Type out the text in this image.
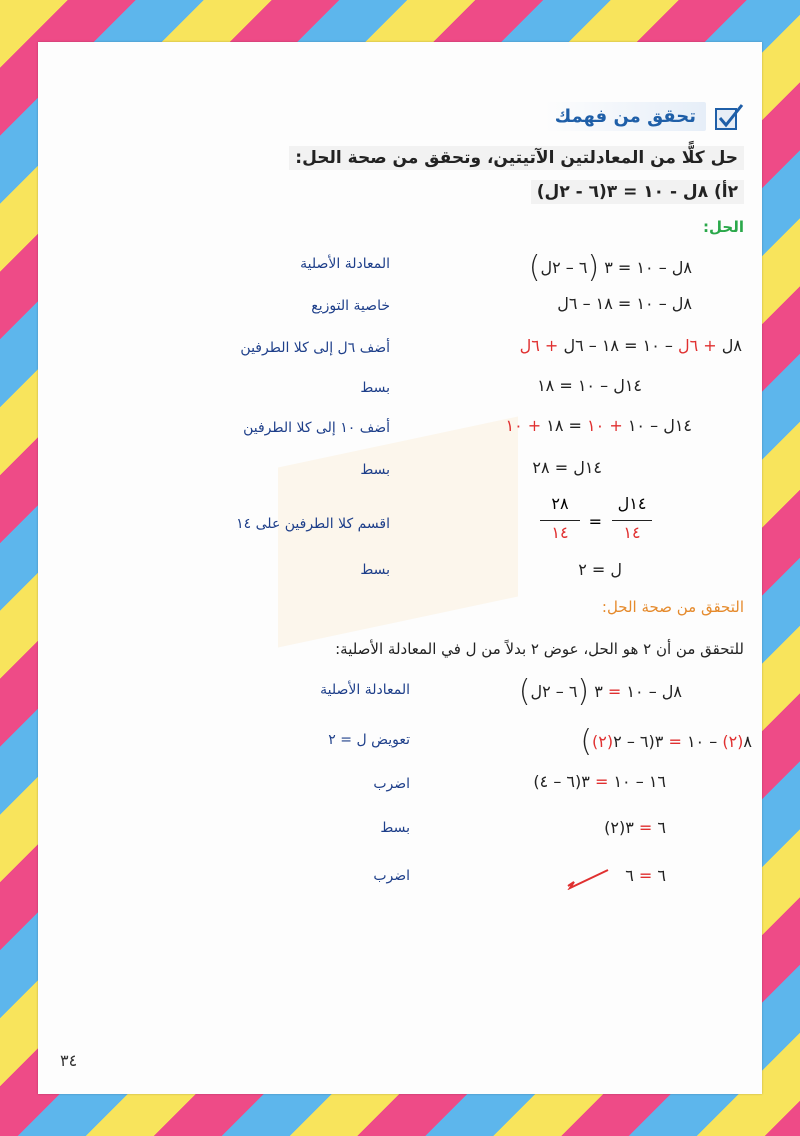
تحقق من فهمك
حل كلًّا من المعادلتين الآتيتين، وتحقق من صحة الحل:
٢أ) ٨ل - ١٠ = ٣(٦ - ٢ل)
الحل:
٨ل – ١٠ = ٣ (٦ – ٢ل)
المعادلة الأصلية
٨ل – ١٠ = ١٨ – ٦ل
خاصية التوزيع
٨ل + ٦ل – ١٠ = ١٨ – ٦ل + ٦ل
أضف ٦ل إلى كلا الطرفين
١٤ل – ١٠ = ١٨
بسط
١٤ل – ١٠ + ١٠ = ١٨ + ١٠
أضف ١٠ إلى كلا الطرفين
١٤ل = ٢٨
بسط
١٤ل
١٤
=
٢٨
١٤
اقسم كلا الطرفين على ١٤
ل = ٢
بسط
التحقق من صحة الحل:
للتحقق من أن ٢ هو الحل، عوض ٢ بدلاً من ل في المعادلة الأصلية:
٨ل – ١٠ = ٣ (٦ – ٢ل)
المعادلة الأصلية
٨(٢) – ١٠ = ٣(٦ – ٢(٢))
تعويض ل = ٢
١٦ – ١٠ = ٣(٦ – ٤)
اضرب
٦ = ٣(٢)
بسط
٦ = ٦
اضرب
٣٤
